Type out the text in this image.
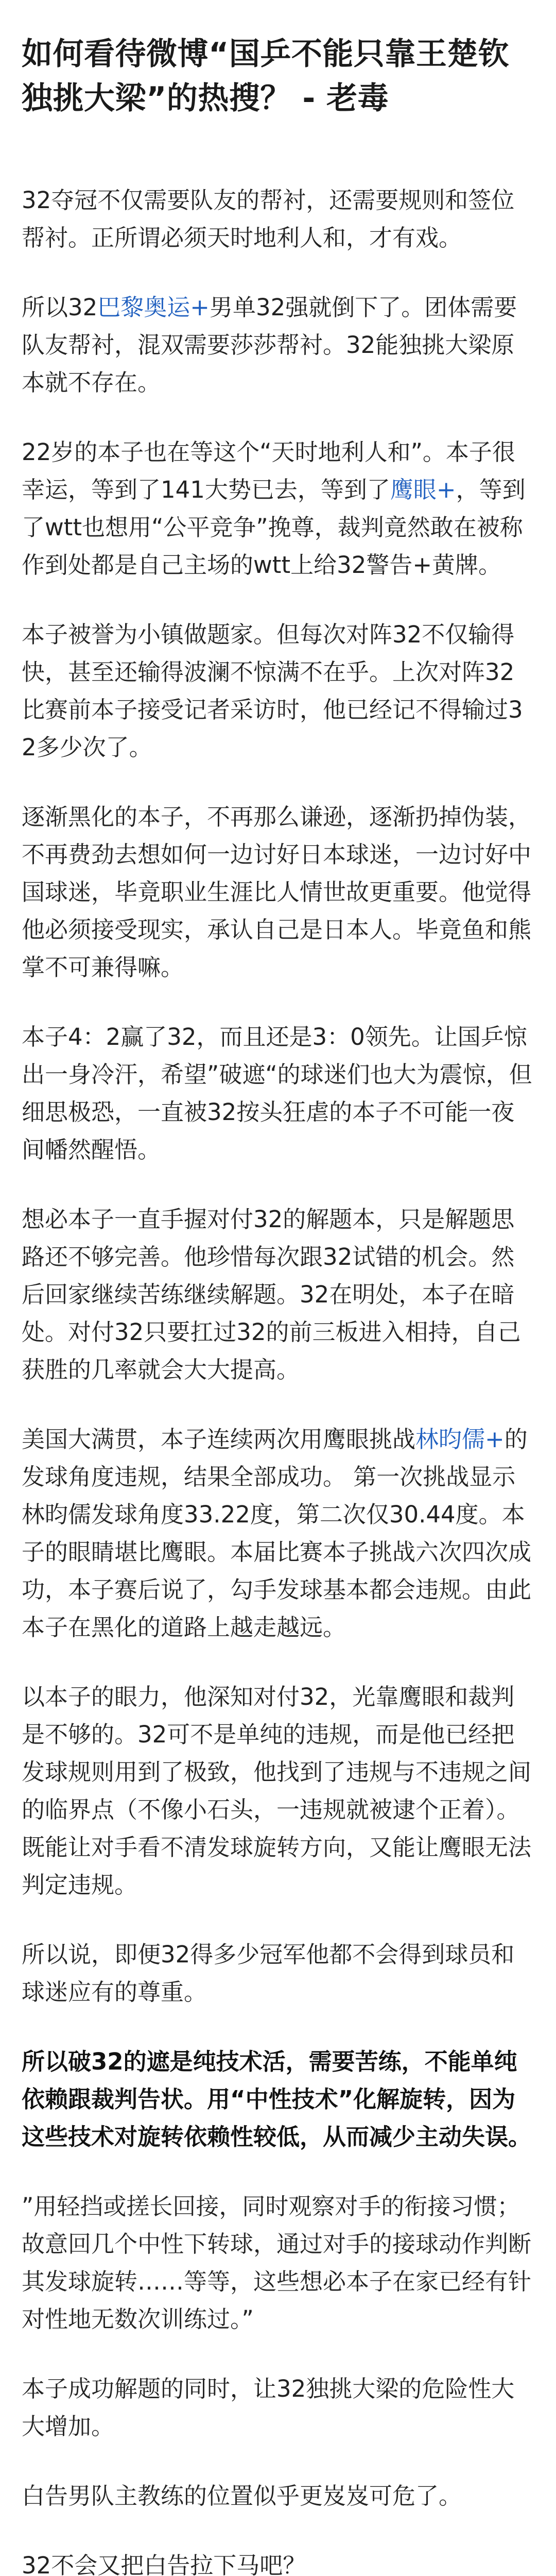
如何看待微博“国乒不能只靠王楚钦独挑大梁”的热搜？ - 老毒

32夺冠不仅需要队友的帮衬，还需要规则和签位帮衬。正所谓必须天时地利人和，才有戏。

所以32巴黎奥运+男单32强就倒下了。团体需要队友帮衬，混双需要莎莎帮衬。32能独挑大梁原本就不存在。

22岁的本子也在等这个“天时地利人和”。本子很幸运，等到了141大势已去，等到了鹰眼+，等到了wtt也想用“公平竞争”挽尊，裁判竟然敢在被称作到处都是自己主场的wtt上给32警告+黄牌。

本子被誉为小镇做题家。但每次对阵32不仅输得快，甚至还输得波澜不惊满不在乎。上次对阵32比赛前本子接受记者采访时，他已经记不得输过32多少次了。

逐渐黑化的本子，不再那么谦逊，逐渐扔掉伪装，不再费劲去想如何一边讨好日本球迷，一边讨好中国球迷，毕竟职业生涯比人情世故更重要。他觉得他必须接受现实，承认自己是日本人。毕竟鱼和熊掌不可兼得嘛。

本子4：2赢了32，而且还是3：0领先。让国乒惊出一身冷汗，希望”破遮“的球迷们也大为震惊，但细思极恐，一直被32按头狂虐的本子不可能一夜间幡然醒悟。

想必本子一直手握对付32的解题本，只是解题思路还不够完善。他珍惜每次跟32试错的机会。然后回家继续苦练继续解题。32在明处，本子在暗处。对付32只要扛过32的前三板进入相持，自己获胜的几率就会大大提高。

美国大满贯，本子连续两次用鹰眼挑战林昀儒+的发球角度违规，结果全部成功。 第一次挑战显示林昀儒发球角度33.22度，第二次仅30.44度。本子的眼睛堪比鹰眼。本届比赛本子挑战六次四次成功，本子赛后说了，勾手发球基本都会违规。由此本子在黑化的道路上越走越远。

以本子的眼力，他深知对付32，光靠鹰眼和裁判是不够的。32可不是单纯的违规，而是他已经把发球规则用到了极致，他找到了违规与不违规之间的临界点（不像小石头，一违规就被逮个正着）。既能让对手看不清发球旋转方向，又能让鹰眼无法判定违规。

所以说，即便32得多少冠军他都不会得到球员和球迷应有的尊重。

所以破32的遮是纯技术活，需要苦练，不能单纯依赖跟裁判告状。用“中性技术”化解旋转，因为这些技术对旋转依赖性较低，从而减少主动失误。

”用轻挡或搓长回接，同时观察对手的衔接习惯；故意回几个中性下转球，通过对手的接球动作判断其发球旋转……等等，这些想必本子在家已经有针对性地无数次训练过。”

本子成功解题的同时，让32独挑大梁的危险性大大增加。

白告男队主教练的位置似乎更岌岌可危了。

32不会又把白告拉下马吧？
